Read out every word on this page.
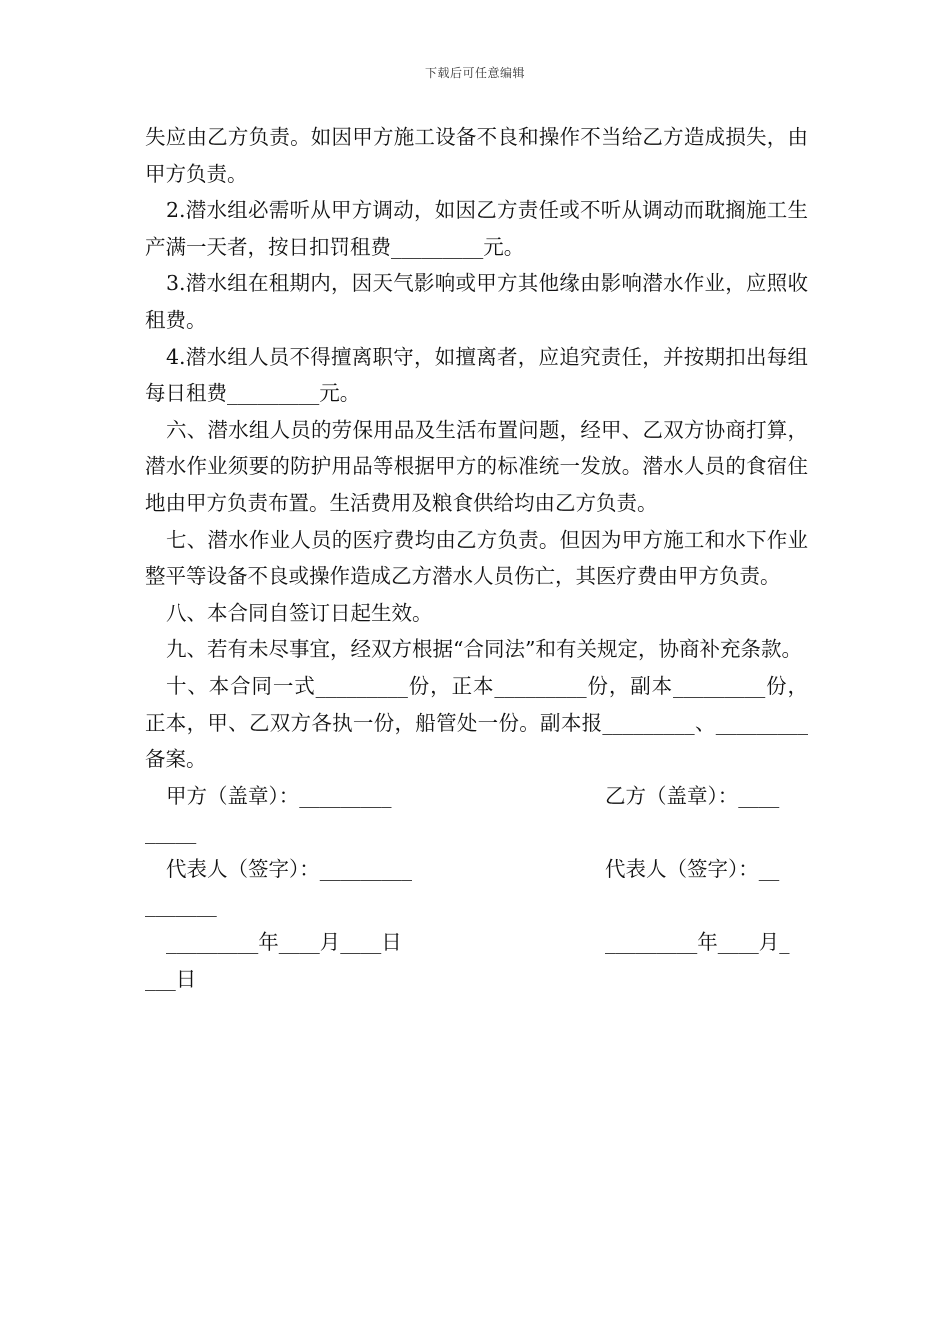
下载后可任意编辑

失应由乙方负责。如因甲方施工设备不良和操作不当给乙方造成损失，由甲方负责。

2.潜水组必需听从甲方调动，如因乙方责任或不听从调动而耽搁施工生产满一天者，按日扣罚租费_________元。

3.潜水组在租期内，因天气影响或甲方其他缘由影响潜水作业，应照收租费。

4.潜水组人员不得擅离职守，如擅离者，应追究责任，并按期扣出每组每日租费_________元。

六、潜水组人员的劳保用品及生活布置问题，经甲、乙双方协商打算，潜水作业须要的防护用品等根据甲方的标准统一发放。潜水人员的食宿住地由甲方负责布置。生活费用及粮食供给均由乙方负责。

七、潜水作业人员的医疗费均由乙方负责。但因为甲方施工和水下作业整平等设备不良或操作造成乙方潜水人员伤亡，其医疗费由甲方负责。

八、本合同自签订日起生效。

九、若有未尽事宜，经双方根据“合同法”和有关规定，协商补充条款。

十、本合同一式_________份，正本_________份，副本_________份，正本，甲、乙双方各执一份，船管处一份。副本报_________、_________备案。

甲方（盖章）：_________	乙方（盖章）：____
_____
代表人（签字）：_________	代表人（签字）：__
_______
_________年____月____日	_________年____月_
___日
